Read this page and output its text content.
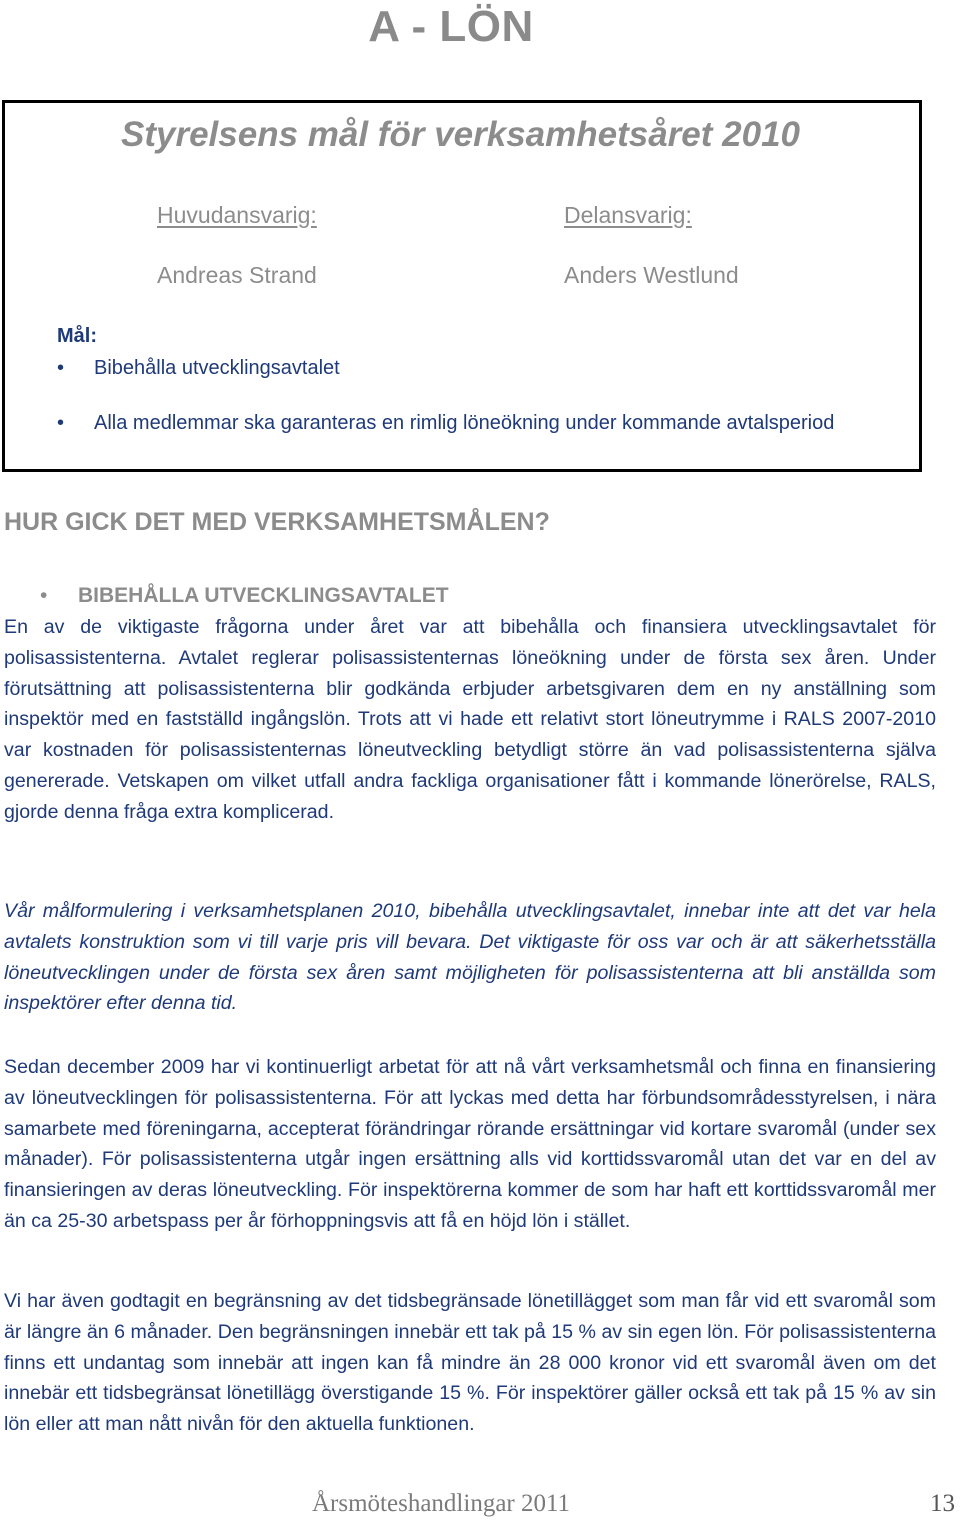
A - LÖN
Styrelsens mål för verksamhetsåret 2010
Huvudansvarig:	Delansvarig:
Andreas Strand	Anders Westlund
Mål:
• Bibehålla utvecklingsavtalet
• Alla medlemmar ska garanteras en rimlig löneökning under kommande avtalsperiod
HUR GICK DET MED VERKSAMHETSMÅLEN?
• BIBEHÅLLA UTVECKLINGSAVTALET
En av de viktigaste frågorna under året var att bibehålla och finansiera utvecklingsavtalet för polisassistenterna. Avtalet reglerar polisassistenternas löneökning under de första sex åren. Under förutsättning att polisassistenterna blir godkända erbjuder arbetsgivaren dem en ny anställning som inspektör med en fastställd ingångslön. Trots att vi hade ett relativt stort löneutrymme i RALS 2007-2010 var kostnaden för polisassistenternas löneutveckling betydligt större än vad polisassistenterna själva genererade. Vetskapen om vilket utfall andra fackliga organisationer fått i kommande lönerörelse, RALS, gjorde denna fråga extra komplicerad.
Vår målformulering i verksamhetsplanen 2010, bibehålla utvecklingsavtalet, innebar inte att det var hela avtalets konstruktion som vi till varje pris vill bevara. Det viktigaste för oss var och är att säkerhetsställa löneutvecklingen under de första sex åren samt möjligheten för polisassistenterna att bli anställda som inspektörer efter denna tid.
Sedan december 2009 har vi kontinuerligt arbetat för att nå vårt verksamhetsmål och finna en finansiering av löneutvecklingen för polisassistenterna. För att lyckas med detta har förbundsområdesstyrelsen, i nära samarbete med föreningarna, accepterat förändringar rörande ersättningar vid kortare svaromål (under sex månader). För polisassistenterna utgår ingen ersättning alls vid korttidssvaromål utan det var en del av finansieringen av deras löneutveckling. För inspektörerna kommer de som har haft ett korttidssvaromål mer än ca 25-30 arbetspass per år förhoppningsvis att få en höjd lön i stället.
Vi har även godtagit en begränsning av det tidsbegränsade lönetillägget som man får vid ett svaromål som är längre än 6 månader. Den begränsningen innebär ett tak på 15 % av sin egen lön. För polisassistenterna finns ett undantag som innebär att ingen kan få mindre än 28 000 kronor vid ett svaromål även om det innebär ett tidsbegränsat lönetillägg överstigande 15 %. För inspektörer gäller också ett tak på 15 % av sin lön eller att man nått nivån för den aktuella funktionen.
Årsmöteshandlingar 2011	13
